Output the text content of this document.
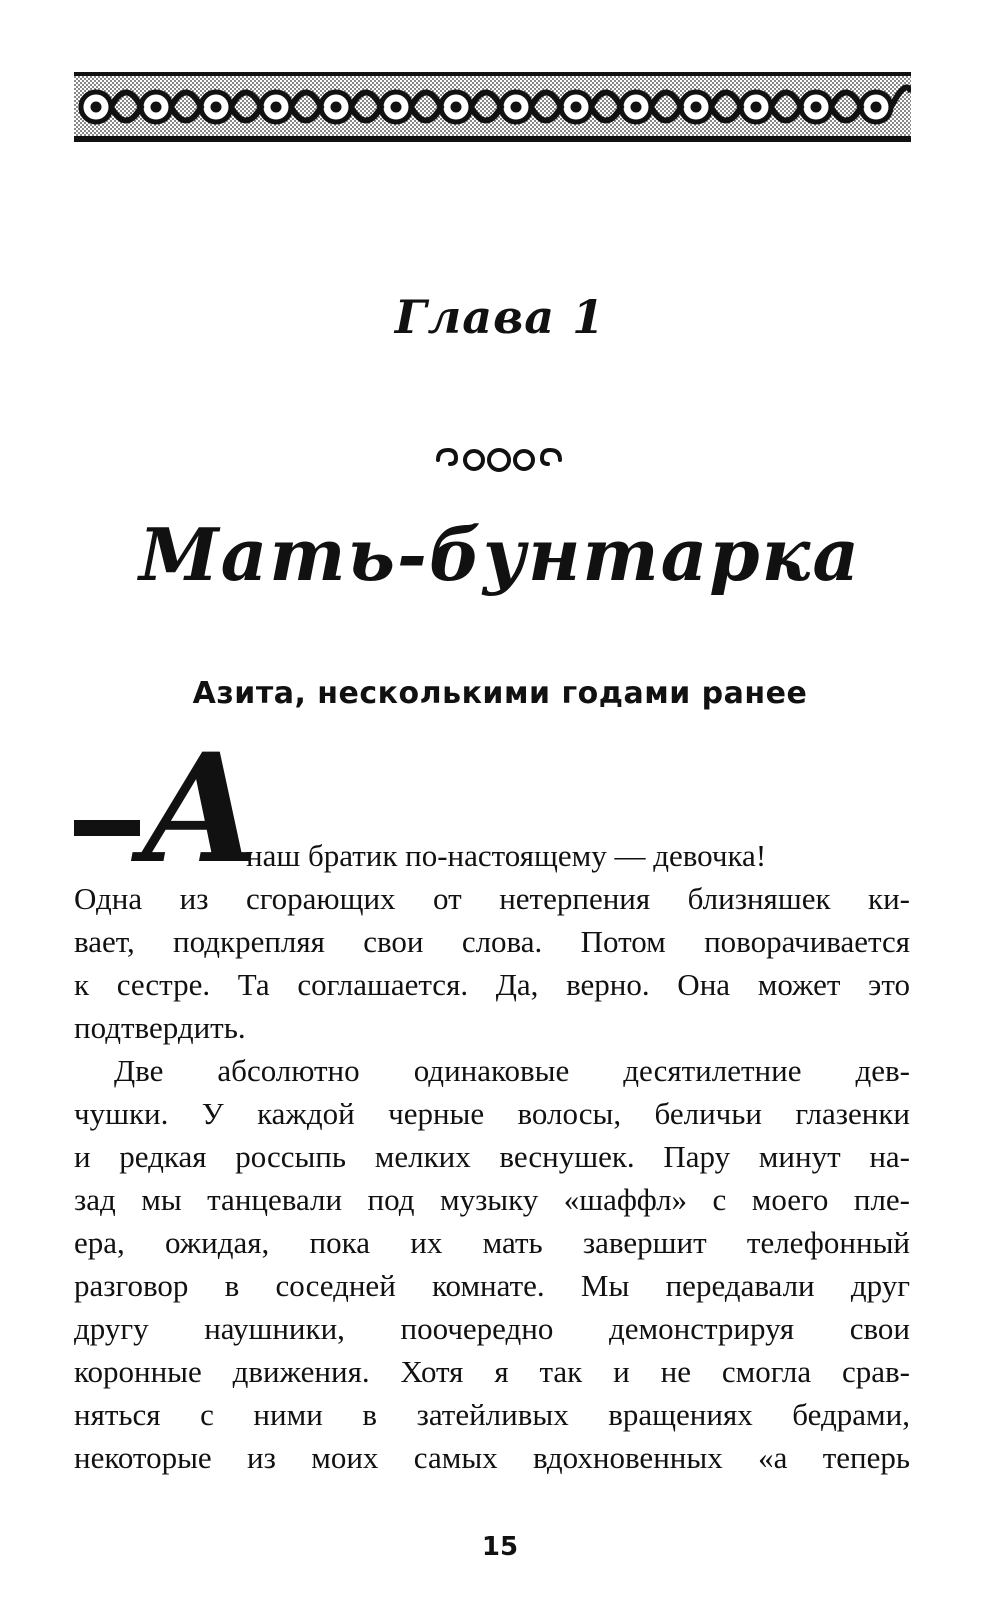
Глава 1
Мать-бунтарка
Азита, несколькими годами ранее
А
наш братик по-настоящему — девочка!
Одна из сгорающих от нетерпения близняшек ки-
вает, подкрепляя свои слова. Потом поворачивается
к сестре. Та соглашается. Да, верно. Она может это
подтвердить.
Две абсолютно одинаковые десятилетние дев-
чушки. У каждой черные волосы, беличьи глазенки
и редкая россыпь мелких веснушек. Пару минут на-
зад мы танцевали под музыку «шаффл» с моего пле-
ера, ожидая, пока их мать завершит телефонный
разговор в соседней комнате. Мы передавали друг
другу наушники, поочередно демонстрируя свои
коронные движения. Хотя я так и не смогла срав-
няться с ними в затейливых вращениях бедрами,
некоторые из моих самых вдохновенных «а теперь
15
